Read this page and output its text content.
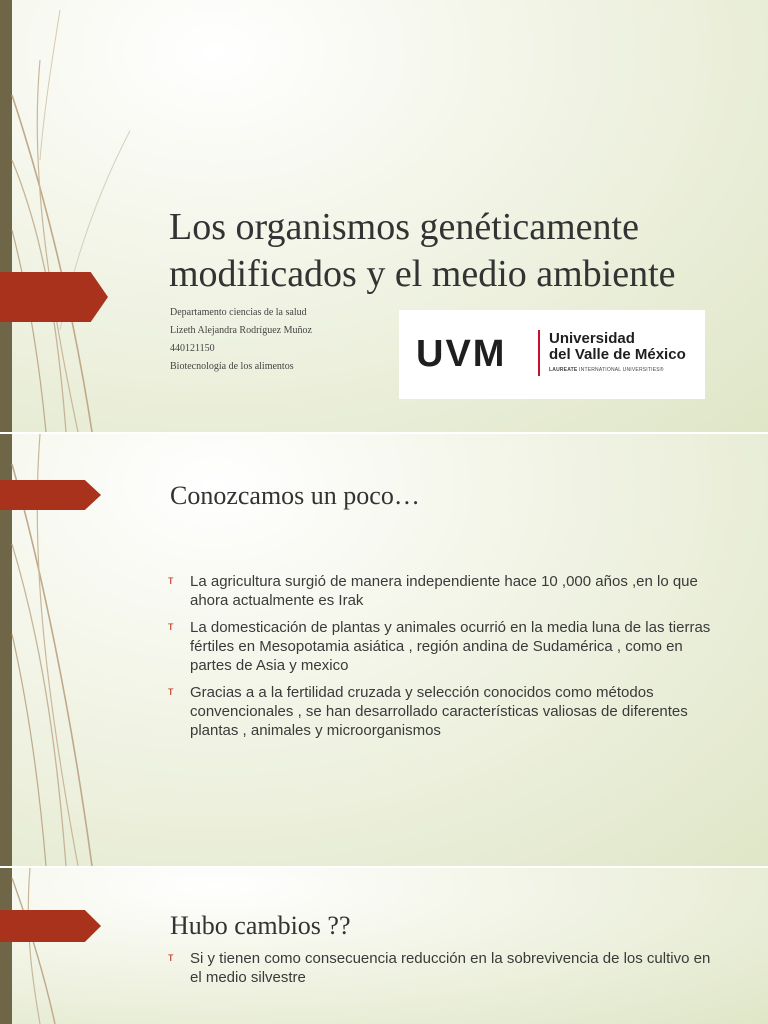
Los organismos genéticamente modificados y el medio ambiente
Departamento ciencias de la salud
Lizeth Alejandra Rodríguez Muñoz
440121150
Biotecnología de los alimentos	UVM	Universidad
del Valle de México
LAUREATE INTERNATIONAL UNIVERSITIES®
Conozcamos un poco…
ᴛ La agricultura surgió de manera independiente hace 10 ,000 años ,en lo que ahora actualmente es Irak
ᴛ La domesticación de plantas y animales ocurrió en la media luna de las tierras fértiles en Mesopotamia asiática , región andina de Sudamérica , como en partes de Asia y mexico
ᴛ Gracias a a la fertilidad cruzada y selección conocidos como métodos convencionales , se han desarrollado características valiosas de diferentes plantas , animales y microorganismos
Hubo cambios ??
ᴛ Si y tienen como consecuencia reducción en la sobrevivencia de los cultivo en el medio silvestre
